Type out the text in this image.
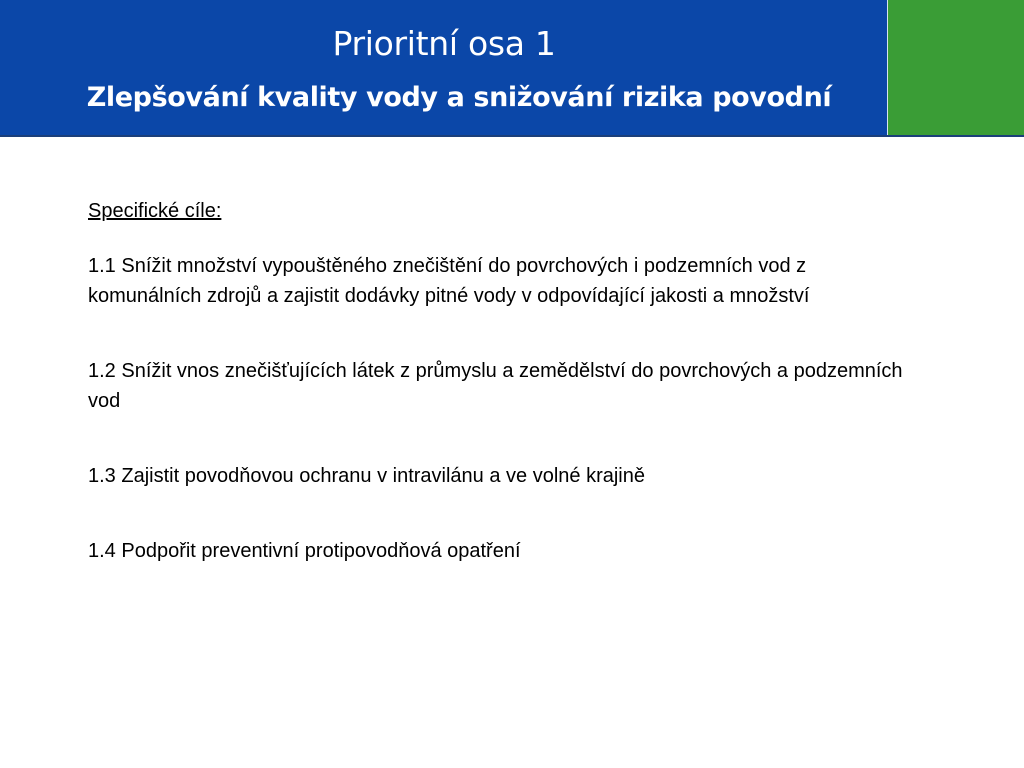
Prioritní osa 1
Zlepšování kvality vody a snižování rizika povodní

Specifické cíle:

1.1 Snížit množství vypouštěného znečištění do povrchových i podzemních vod z komunálních zdrojů a zajistit dodávky pitné vody v odpovídající jakosti a množství

1.2 Snížit vnos znečišťujících látek z průmyslu a zemědělství do povrchových a podzemních vod

1.3 Zajistit povodňovou ochranu v intravilánu a ve volné krajině

1.4 Podpořit preventivní protipovodňová opatření
